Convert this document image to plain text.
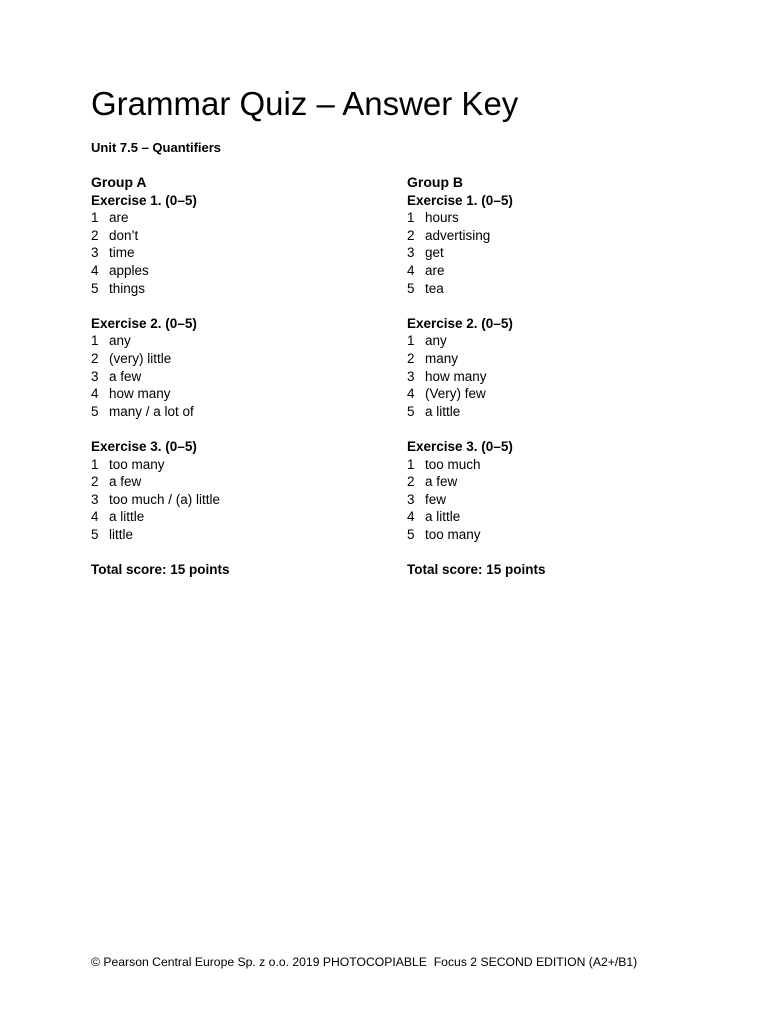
Grammar Quiz – Answer Key
Unit 7.5 – Quantifiers
Group A
Exercise 1. (0–5)
1 are
2 don’t
3 time
4 apples
5 things
Exercise 2. (0–5)
1 any
2 (very) little
3 a few
4 how many
5 many / a lot of
Exercise 3. (0–5)
1 too many
2 a few
3 too much / (a) little
4 a little
5 little
Total score: 15 points
Group B
Exercise 1. (0–5)
1 hours
2 advertising
3 get
4 are
5 tea
Exercise 2. (0–5)
1 any
2 many
3 how many
4 (Very) few
5 a little
Exercise 3. (0–5)
1 too much
2 a few
3 few
4 a little
5 too many
Total score: 15 points
© Pearson Central Europe Sp. z o.o. 2019 PHOTOCOPIABLE  Focus 2 SECOND EDITION (A2+/B1)
